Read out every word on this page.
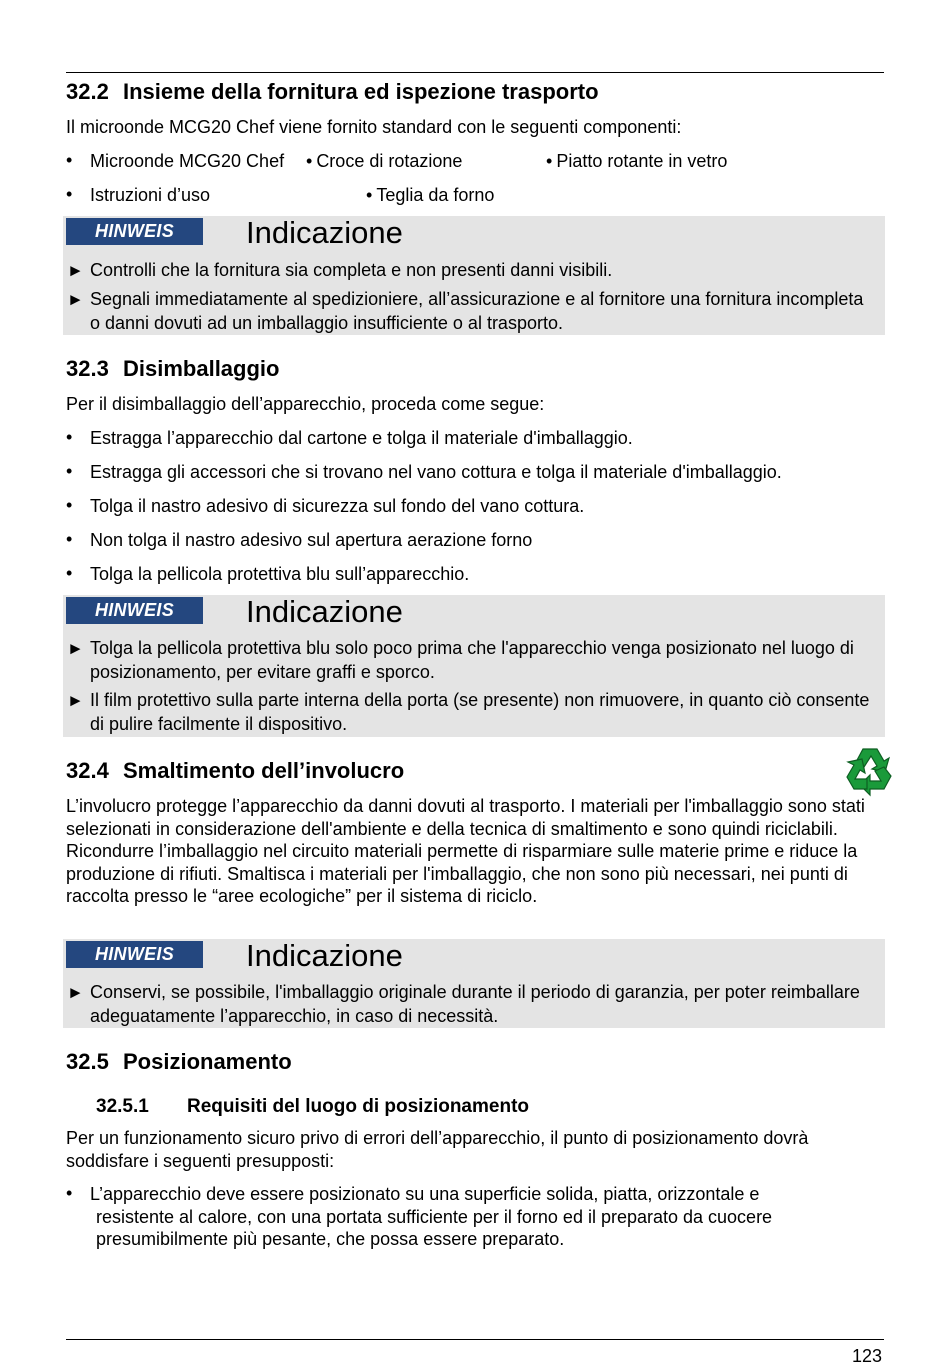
32.2 Insieme della fornitura ed ispezione trasporto

Il microonde MCG20 Chef viene fornito standard con le seguenti componenti:

• Microonde MCG20 Chef • Croce di rotazione	• Piatto rotante in vetro
• Istruzioni d’uso	• Teglia da forno
HINWEIS	Indicazione
► Controlli che la fornitura sia completa e non presenti danni visibili.
► Segnali immediatamente al spedizioniere, all’assicurazione e al fornitore una fornitura incompleta o danni dovuti ad un imballaggio insufficiente o al trasporto.
32.3 Disimballaggio

Per il disimballaggio dell’apparecchio, proceda come segue:

• Estragga l’apparecchio dal cartone e tolga il materiale d'imballaggio.
• Estragga gli accessori che si trovano nel vano cottura e tolga il materiale d'imballaggio.
• Tolga il nastro adesivo di sicurezza sul fondo del vano cottura.
• Non tolga il nastro adesivo sul apertura aerazione forno
• Tolga la pellicola protettiva blu sull’apparecchio.
HINWEIS	Indicazione
► Tolga la pellicola protettiva blu solo poco prima che l'apparecchio venga posizionato nel luogo di posizionamento, per evitare graffi e sporco.
► Il film protettivo sulla parte interna della porta (se presente) non rimuovere, in quanto ciò consente di pulire facilmente il dispositivo.
32.4 Smaltimento dell’involucro

L’involucro protegge l’apparecchio da danni dovuti al trasporto. I materiali per l'imballaggio sono stati selezionati in considerazione dell'ambiente e della tecnica di smaltimento e sono quindi riciclabili. Ricondurre l’imballaggio nel circuito materiali permette di risparmiare sulle materie prime e riduce la produzione di rifiuti. Smaltisca i materiali per l'imballaggio, che non sono più necessari, nei punti di raccolta presso le “aree ecologiche” per il sistema di riciclo.

HINWEIS	Indicazione
► Conservi, se possibile, l'imballaggio originale durante il periodo di garanzia, per poter reimballare adeguatamente l’apparecchio, in caso di necessità.
32.5 Posizionamento
32.5.1 Requisiti del luogo di posizionamento

Per un funzionamento sicuro privo di errori dell’apparecchio, il punto di posizionamento dovrà soddisfare i seguenti presupposti:

• L’apparecchio deve essere posizionato su una superficie solida, piatta, orizzontale e resistente al calore, con una portata sufficiente per il forno ed il preparato da cuocere presumibilmente più pesante, che possa essere preparato.
123
